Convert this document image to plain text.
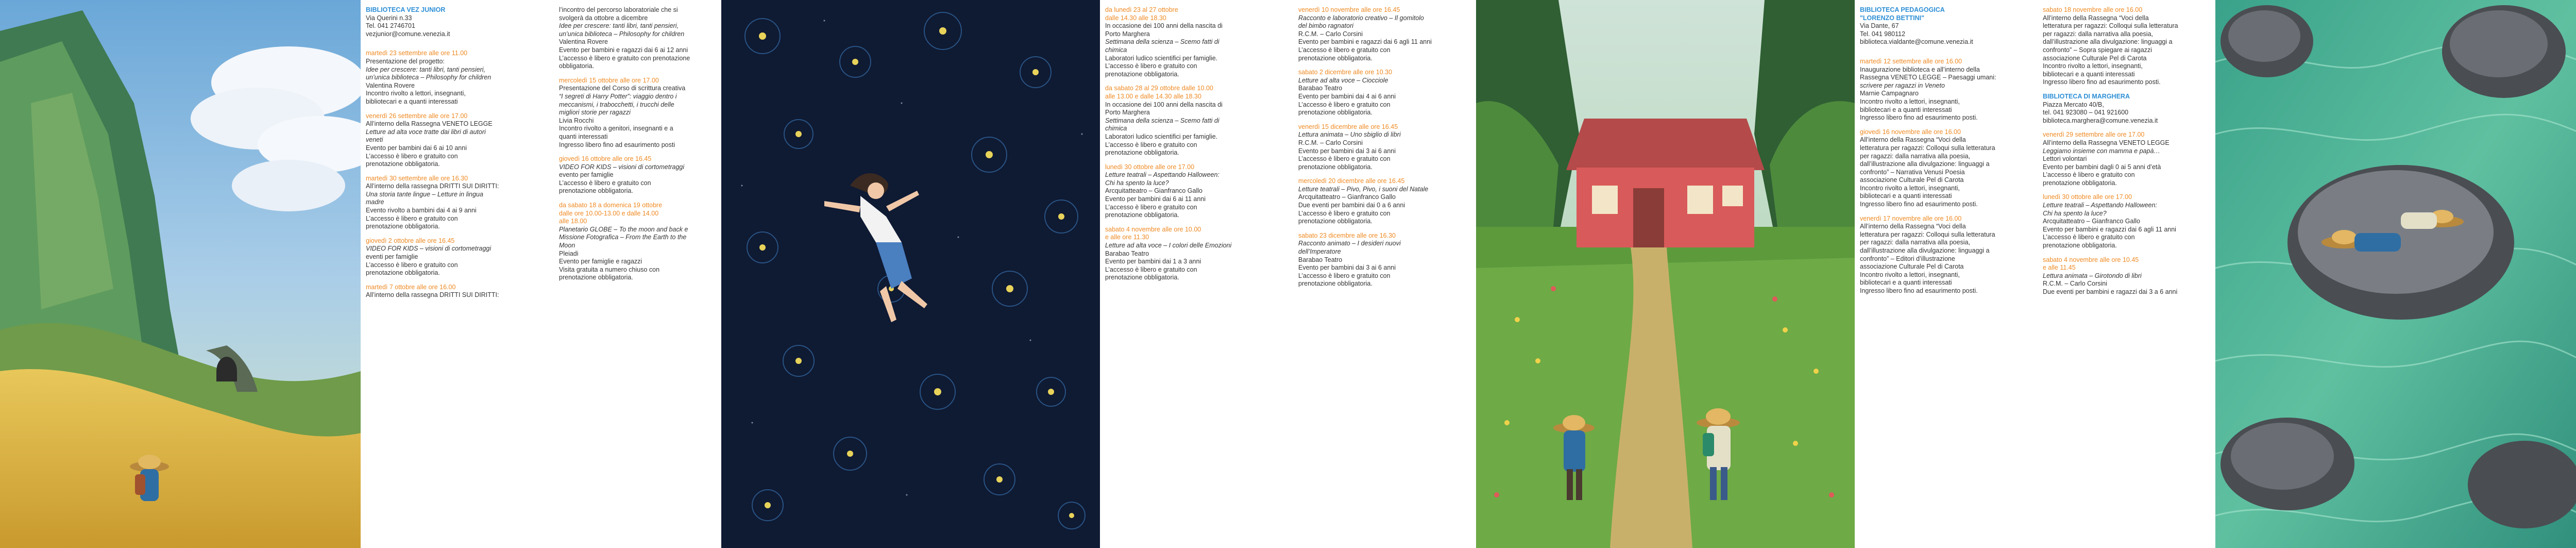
BIBLIOTECA VEZ JUNIOR

Via Querini n.33

Tel. 041 2746701

vezjunior@comune.venezia.it

martedì 23 settembre alle ore 11.00

Presentazione del progetto:

Idee per crescere: tanti libri, tanti pensieri,

un’unica biblioteca – Philosophy for children

Valentina Rovere

Incontro rivolto a lettori, insegnanti,

bibliotecari e a quanti interessati

venerdì 26 settembre alle ore 17.00

All’interno della Rassegna VENETO LEGGE

Letture ad alta voce tratte dai libri di autori

veneti

Evento per bambini dai 6 ai 10 anni

L’accesso è libero e gratuito con

prenotazione obbligatoria.

martedì 30 settembre alle ore 16.30

All’interno della rassegna DRITTI SUI DIRITTI:

Una storia tante lingue – Letture in lingua

madre

Evento rivolto a bambini dai 4 ai 9 anni

L’accesso è libero e gratuito con

prenotazione obbligatoria.

giovedì 2 ottobre alle ore 16.45

VIDEO FOR KIDS – visioni di cortometraggi

eventi per famiglie

L’accesso è libero e gratuito con

prenotazione obbligatoria.

martedì 7 ottobre alle ore 16.00

All’interno della rassegna DRITTI SUI DIRITTI:

l’incontro del percorso laboratoriale che si

svolgerà da ottobre a dicembre

Idee per crescere: tanti libri, tanti pensieri,

un’unica biblioteca – Philosophy for children

Valentina Rovere

Evento per bambini e ragazzi dai 6 ai 12 anni

L’accesso è libero e gratuito con prenotazione

obbligatoria.

mercoledì 15 ottobre alle ore 17.00

Presentazione del Corso di scrittura creativa

“I segreti di Harry Potter”: viaggio dentro i

meccanismi, i trabocchetti, i trucchi delle

migliori storie per ragazzi

Livia Rocchi

Incontro rivolto a genitori, insegnanti e a

quanti interessati

Ingresso libero fino ad esaurimento posti

giovedì 16 ottobre alle ore 16.45

VIDEO FOR KIDS – visioni di cortometraggi

evento per famiglie

L’accesso è libero e gratuito con

prenotazione obbligatoria.

da sabato 18 a domenica 19 ottobre

dalle ore 10.00-13.00 e dalle 14.00

alle 18.00

Planetario GLOBE – To the moon and back e

Missione Fotografica – From the Earth to the

Moon

Pleiadi

Evento per famiglie e ragazzi

Visita gratuita a numero chiuso con

prenotazione obbligatoria.

da lunedì 23 al 27 ottobre

dalle 14.30 alle 18.30

In occasione dei 100 anni della nascita di

Porto Marghera

Settimana della scienza – Scemo fatti di

chimica

Laboratori ludico scientifici per famiglie.

L’accesso è libero e gratuito con

prenotazione obbligatoria.

da sabato 28 al 29 ottobre dalle 10.00

alle 13.00 e dalle 14.30 alle 18.30

In occasione dei 100 anni della nascita di

Porto Marghera

Settimana della scienza – Scemo fatti di

chimica

Laboratori ludico scientifici per famiglie.

L’accesso è libero e gratuito con

prenotazione obbligatoria.

lunedì 30 ottobre alle ore 17.00

Letture teatrali – Aspettando Halloween:

Chi ha spento la luce?

Arcquitatteatro – Gianfranco Gallo

Evento per bambini dai 6 ai 11 anni

L’accesso è libero e gratuito con

prenotazione obbligatoria.

sabato 4 novembre alle ore 10.00

e alle ore 11.30

Letture ad alta voce – I colori delle Emozioni

Barabao Teatro

Evento per bambini dai 1 a 3 anni

L’accesso è libero e gratuito con

prenotazione obbligatoria.

venerdì 10 novembre alle ore 16.45

Racconto e laboratorio creativo – Il gomitolo

del bimbo ragnatori

R.C.M. – Carlo Corsini

Evento per bambini e ragazzi dai 6 agli 11 anni

L’accesso è libero e gratuito con

prenotazione obbligatoria.

sabato 2 dicembre alle ore 10.30

Letture ad alta voce – Ciocciole

Barabao Teatro

Evento per bambini dai 4 ai 6 anni

L’accesso è libero e gratuito con

prenotazione obbligatoria.

venerdì 15 dicembre alle ore 16.45

Lettura animata – Uno sbiglio di libri

R.C.M. – Carlo Corsini

Evento per bambini dai 3 ai 6 anni

L’accesso è libero e gratuito con

prenotazione obbligatoria.

mercoledì 20 dicembre alle ore 16.45

Letture teatrali – Pivo, Pivo, i suoni del Natale

Arcquitatteatro – Gianfranco Gallo

Due eventi per bambini dai 0 a 6 anni

L’accesso è libero e gratuito con

prenotazione obbligatoria.

sabato 23 dicembre alle ore 16.30

Racconto animato – I desideri nuovi

dell’Imperatore

Barabao Teatro

Evento per bambini dai 3 ai 6 anni

L’accesso è libero e gratuito con

prenotazione obbligatoria.

BIBLIOTECA PEDAGOGICA

"LORENZO BETTINI"

Via Dante, 67

Tel. 041 980112

biblioteca.vialdante@comune.venezia.it

martedì 12 settembre alle ore 16.00

Inaugurazione biblioteca e all’interno della

Rassegna VENETO LEGGE – Paesaggi umani:

scrivere per ragazzi in Veneto

Marnie Campagnaro

Incontro rivolto a lettori, insegnanti,

bibliotecari e a quanti interessati

Ingresso libero fino ad esaurimento posti.

giovedì 16 novembre alle ore 16.00

All’interno della Rassegna “Voci della

letteratura per ragazzi: Colloqui sulla letteratura

per ragazzi: dalla narrativa alla poesia,

dall’illustrazione alla divulgazione: linguaggi a

confronto” – Narrativa Venusi Poesia

associazione Culturale Pel di Carota

Incontro rivolto a lettori, insegnanti,

bibliotecari e a quanti interessati

Ingresso libero fino ad esaurimento posti.

venerdì 17 novembre alle ore 16.00

All’interno della Rassegna “Voci della

letteratura per ragazzi: Colloqui sulla letteratura

per ragazzi: dalla narrativa alla poesia,

dall’illustrazione alla divulgazione: linguaggi a

confronto” – Editori d’illustrazione

associazione Culturale Pel di Carota

Incontro rivolto a lettori, insegnanti,

bibliotecari e a quanti interessati

Ingresso libero fino ad esaurimento posti.

sabato 18 novembre alle ore 16.00

All’interno della Rassegna “Voci della

letteratura per ragazzi: Colloqui sulla letteratura

per ragazzi: dalla narrativa alla poesia,

dall’illustrazione alla divulgazione: linguaggi a

confronto” – Sopra spiegare ai ragazzi

associazione Culturale Pel di Carota

Incontro rivolto a lettori, insegnanti,

bibliotecari e a quanti interessati

Ingresso libero fino ad esaurimento posti.

BIBLIOTECA DI MARGHERA

Piazza Mercato 40/B,

tel. 041 923080 – 041 921600

biblioteca.marghera@comune.venezia.it

venerdì 29 settembre alle ore 17.00

All’interno della Rassegna VENETO LEGGE

Leggiamo insieme con mamma e papà…

Lettori volontari

Evento per bambini dagli 0 ai 5 anni d’età

L’accesso è libero e gratuito con

prenotazione obbligatoria.

lunedì 30 ottobre alle ore 17.00

Letture teatrali – Aspettando Halloween:

Chi ha spento la luce?

Arcquitatteatro – Gianfranco Gallo

Evento per bambini e ragazzi dai 6 agli 11 anni

L’accesso è libero e gratuito con

prenotazione obbligatoria.

sabato 4 novembre alle ore 10.45

e alle 11.45

Lettura animata – Girotondo di libri

R.C.M. – Carlo Corsini

Due eventi per bambini e ragazzi dai 3 a 6 anni
